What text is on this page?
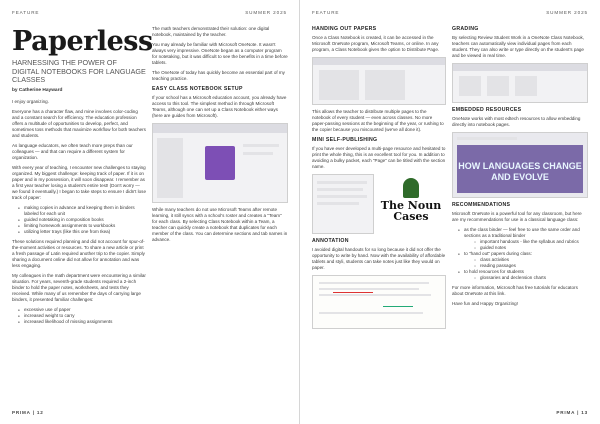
FEATURE	SUMMER 2025
Paperless
HARNESSING THE POWER OF DIGITAL NOTEBOOKS FOR LANGUAGE CLASSES
by Catherine Hayward

I enjoy organizing.

Everyone has a character flaw, and mine involves color-coding and a constant search for efficiency. The education profession offers a multitude of opportunities to develop, perfect, and sometimes toss methods that maximize workflow for both teachers and students.

As language educators, we often teach more preps than our colleagues — and that can require a different system for organization.

With every year of teaching, I encounter new challenges to staying organized. My biggest challenge: keeping track of paper. If it is on paper and in my possession, it will soon disappear. I remember as a first year teacher losing a student's entire test! (Don't worry — we found it eventually.) I began to take steps to ensure I didn't lose track of paper:

● making copies in advance and keeping them in binders labeled for each unit
● guided notetaking in composition books
● limiting homework assignments to workbooks
● utilizing letter trays (like this one from Ikea)

These solutions required planning and did not account for spur-of-the-moment activities or resources. To share a new article or print a fresh passage of Latin required another trip to the copier. Simply sharing a document online did not allow for annotation and was less engaging.

My colleagues in the math department were encountering a similar situation. For years, seventh-grade students required a 2-inch binder to hold the paper notes, worksheets, and tests they received. While many of us remember the days of carrying large binders, it presented familiar challenges:

● excessive use of paper
● increased weight to carry
● increased likelihood of missing assignments

The math teachers demonstrated their solution: one digital notebook, maintained by the teacher.

You may already be familiar with Microsoft OneNote. It wasn't always very impressive. OneNote began as a computer program for notetaking, but it was difficult to see the benefits in a time before tablets.

The OneNote of today has quickly become an essential part of my teaching practice.

EASY CLASS NOTEBOOK SETUP

If your school has a Microsoft education account, you already have access to this tool. The simplest method in through Microsoft Teams, although one can set up a Class Notebook either ways (here are guides from Microsoft).

While many teachers do not use Microsoft Teams after remote learning, it still syncs with a school's roster and creates a "Team" for each class. By selecting Class Notebook within a Team, a teacher can quickly create a notebook that duplicates for each member of the class. You can determine sections and tab names in advance.

PRIMA | 12
FEATURE	SUMMER 2025
HANDING OUT PAPERS

Once a Class Notebook is created, it can be accessed in the Microsoft OneNote program, Microsoft Teams, or online. In any program, a Class Notebook gives the option to Distribute Page.

This allows the teacher to distribute multiple pages to the notebook of every student — even across classes. No more paper-passing sessions at the beginning of the year, or rushing to the copier because you miscounted (we've all done it).

MINI SELF-PUBLISHING

If you have ever developed a multi-page resource and hesitated to print the whole thing, this is an excellent tool for you. In addition to avoiding a bulky packet, each "Page" can be titled with the section name.

The Noun Cases
ANNOTATION

I avoided digital handouts for so long because it did not offer the opportunity to write by hand. Now with the availability of affordable tablets and styli, students can take notes just like they would on paper.

GRADING

By selecting Review Student Work in a OneNote Class Notebook, teachers can automatically view individual pages from each student. They can also write or type directly on the student's page and be viewed in real time.

EMBEDDED RESOURCES

OneNote works with most edtech resources to allow embedding directly into notebook pages.

HOW LANGUAGES CHANGE AND EVOLVE
RECOMMENDATIONS

Microsoft OneNote is a powerful tool for any classroom, but here are my recommendations for use in a classical language class:

● as the class binder — feel free to use the same order and sections as a traditional binder
○ important handouts - like the syllabus and rubrics
○ guided notes
● to "hand out" papers during class:
○ class activities
○ reading passages
● to hold resources for students
○ glossaries and declension charts

For more information, Microsoft has free tutorials for educators about OneNote at this link.

Have fun and Happy Organizing!

PRIMA | 13
